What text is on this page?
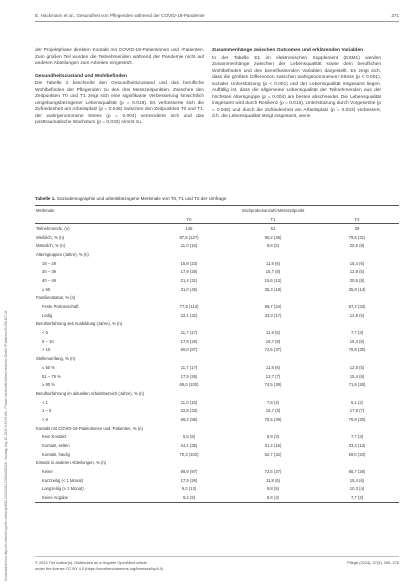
Downloaded from https://econtent.hogrefe.com/doi/pdf/10.1024/1012-5302/a000916 - Sunday, July 13, 2025 5:43:33 AM - Private Universität Witten/Herdecke GmbH IP Address:89.206.107.45
E. Hackmann et al., Gesundheit von Pflegenden während der COVID-19-Pandemie	271

der Projektphase direkten Kontakt mit COVID-19-Patientinnen und -Patienten. Zum großen Teil wurden die Teilnehmenden während der Pandemie nicht auf anderen Abteilungen zum Arbeiten eingesetzt.

Gesundheitszustand und Wohlbefinden

Die Tabelle 2 beschreibt den Gesundheitszustand und das berufliche Wohlbefinden der Pflegenden zu den drei Messzeitpunkten. Zwischen den Zeitpunkten T0 und T1 zeigt sich eine signifikante Verbesserung hinsichtlich umgebungsbezogener Lebensqualität (p = 0.019). Es verbesserte sich die Zufriedenheit am Arbeitsplatz (p = 0.046) zwischen den Zeitpunkten T0 und T1, der wahrgenommene Stress (p = 0.004) verminderte sich und das posttraumatische Wachstum (p = 0.033) nimmt zu.

Zusammenhänge zwischen Outcomes und erklärenden Variablen

In der Tabelle E1 im elektronischen Supplement (ESM1) werden Zusammenhänge zwischen der Lebensqualität sowie dem beruflichen Wohlbefinden und den beeinflussenden Variablen dargestellt. Es zeigt sich, dass die größten Differenzen zwischen wahrgenommenem Stress (p < 0.001), sozialer Unterstützung (p < 0.001) und der Lebensqualität insgesamt liegen. Auffällig ist, dass die allgemeine Lebensqualität der Teilnehmenden aus der höchsten Altersgruppe (p = 0.004) am besten abschneidet. Die Lebensqualität insgesamt wird durch Resilienz (p = 0.015), Unterstützung durch Vorgesetzte (p = 0.046) und durch die Zufriedenheit am Arbeitsplatz (p = 0.033) verbessert, d.h. die Lebensqualität steigt insgesamt, wenn

Tabelle 1. Soziodemographie und arbeitsbezogene Merkmale von T0, T1 und T2 der Umfrage
Merkmale	Stichprobenanzahl Messzeitpunkt		
	T0	T1	T2
Teilnehmende, (n)	145	51	39
Weiblich, % (n)	87,6 (127)	90,2 (46)	79,5 (31)
Männlich, % (n)	11,0 (16)	9,8 (5)	20,5 (8)
Altersgruppen (Jahre), % (n)			
18 – 29	15,9 (23)	11,8 (6)	15,4 (6)
30 – 39	17,9 (26)	15,7 (8)	12,8 (5)
40 – 49	21,4 (31)	15,6 (13)	20,5 (8)
≥ 50	31,0 (45)	35,3 (18)	35,9 (14)
Familienstatus, % (n)			
Feste Partnerschaft	77,9 (113)	66,7 (34)	87,2 (34)
Ledig	22,1 (32)	33,3 (17)	12,8 (5)
Berufserfahrung seit Ausbildung (Jahre), % (n)			
< 5	11,7 (17)	11,8 (6)	7,7 (3)
5 – 10	17,9 (26)	15,7 (8)	15,4 (6)
> 10	60,0 (87)	72,5 (37)	76,9 (30)
Stellenumfang, % (n)			
≤ 50 %	11,7 (17)	11,8 (6)	12,8 (5)
51 – 79 %	17,9 (26)	13,7 (7)	15,4 (6)
≥ 80 %	69,0 (100)	74,5 (38)	71,8 (28)
Berufserfahrung im aktuellen Arbeitsbereich (Jahre), % (n)			
< 1	11,0 (16)	7,8 (4)	5,1 (2)
1 – 5	22,8 (33)	15,7 (8)	17,9 (7)
> 5	66,2 (96)	76,5 (39)	76,9 (30)
Kontakt mit COVID-19-Patientinnen und -Patienten, % (n)			
Kein Kontakt	5,5 (8)	5,9 (3)	7,7 (3)
Kontakt, selten	24,1 (35)	31,4 (16)	33,3 (13)
Kontakt, häufig	70,3 (102)	62,7 (32)	59,0 (23)
Einsatz in anderen Abteilungen, % (n)			
Keine	66,9 (97)	72,5 (37)	66,7 (26)
Kurzzeitig (< 1 Monat)	17,9 (26)	11,8 (6)	15,4 (6)
Langzeitig (≥ 1 Monat)	9,0 (13)	9,8 (5)	10,3 (4)
Keine Angabe	6,2 (9)	5,9 (3)	7,7 (3)
© 2024 The Author(s). Distributed as a Hogrefe OpenMind article
under the license CC BY 4.0 (https://creativecommons.org/licenses/by/4.0)
Pflege (2024), 37(5), 269–276
